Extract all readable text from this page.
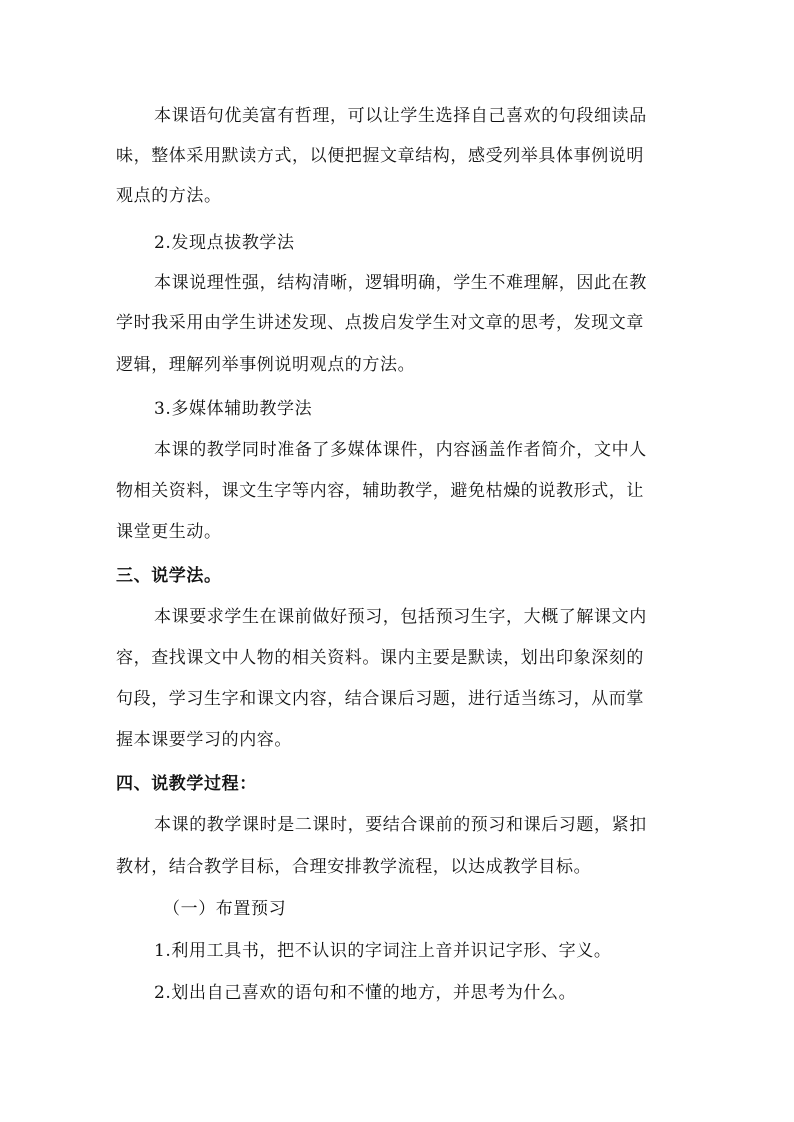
本课语句优美富有哲理，可以让学生选择自己喜欢的句段细读品
味，整体采用默读方式，以便把握文章结构，感受列举具体事例说明
观点的方法。
2.发现点拔教学法
本课说理性强，结构清晰，逻辑明确，学生不难理解，因此在教
学时我采用由学生讲述发现、点拨启发学生对文章的思考，发现文章
逻辑，理解列举事例说明观点的方法。
3.多媒体辅助教学法
本课的教学同时准备了多媒体课件，内容涵盖作者简介，文中人
物相关资料，课文生字等内容，辅助教学，避免枯燥的说教形式，让
课堂更生动。
三、说学法。
本课要求学生在课前做好预习，包括预习生字，大概了解课文内
容，查找课文中人物的相关资料。课内主要是默读，划出印象深刻的
句段，学习生字和课文内容，结合课后习题，进行适当练习，从而掌
握本课要学习的内容。
四、说教学过程：
本课的教学课时是二课时，要结合课前的预习和课后习题，紧扣
教材，结合教学目标，合理安排教学流程，以达成教学目标。
（一）布置预习
1.利用工具书，把不认识的字词注上音并识记字形、字义。
2.划出自己喜欢的语句和不懂的地方，并思考为什么。
